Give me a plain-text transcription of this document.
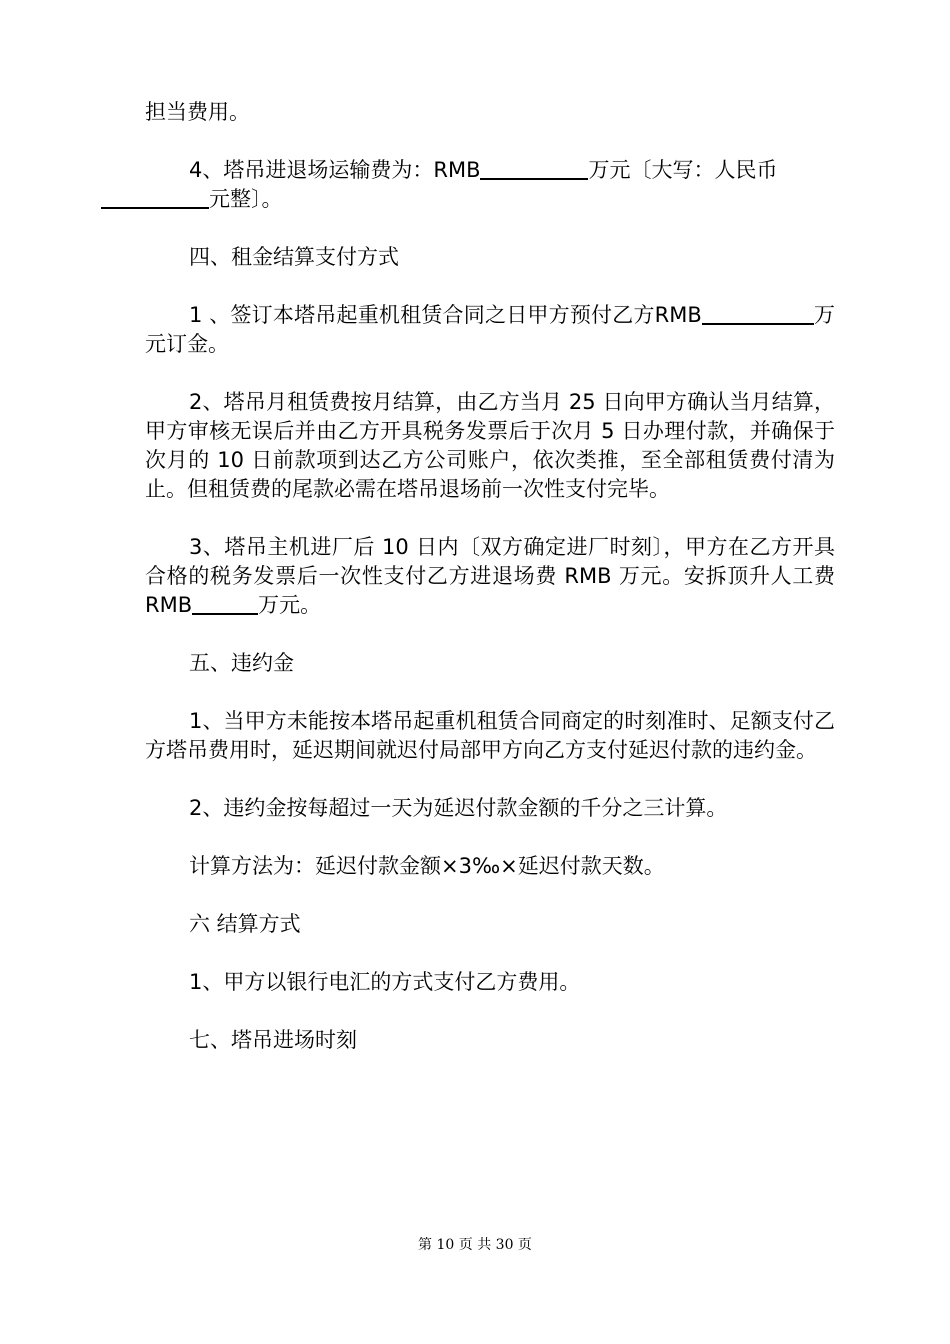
担当费用。

4、塔吊进退场运输费为：RMB	万元〔大写：人民币
元整〕。

四、租金结算支付方式

1 、签订本塔吊起重机租赁合同之日甲方预付乙方RMB	万元订金。

2、塔吊月租赁费按月结算，由乙方当月 25 日向甲方确认当月结算，甲方审核无误后并由乙方开具税务发票后于次月 5 日办理付款，并确保于次月的 10 日前款项到达乙方公司账户，依次类推，至全部租赁费付清为止。但租赁费的尾款必需在塔吊退场前一次性支付完毕。

3、塔吊主机进厂后 10 日内〔双方确定进厂时刻〕，甲方在乙方开具合格的税务发票后一次性支付乙方进退场费 RMB 万元。安拆顶升人工费 RMB	万元。

五、违约金

1、当甲方未能按本塔吊起重机租赁合同商定的时刻准时、足额支付乙方塔吊费用时，延迟期间就迟付局部甲方向乙方支付延迟付款的违约金。

2、违约金按每超过一天为延迟付款金额的千分之三计算。

计算方法为：延迟付款金额×3‰×延迟付款天数。

六 结算方式

1、甲方以银行电汇的方式支付乙方费用。

七、塔吊进场时刻

第 10 页 共 30 页
